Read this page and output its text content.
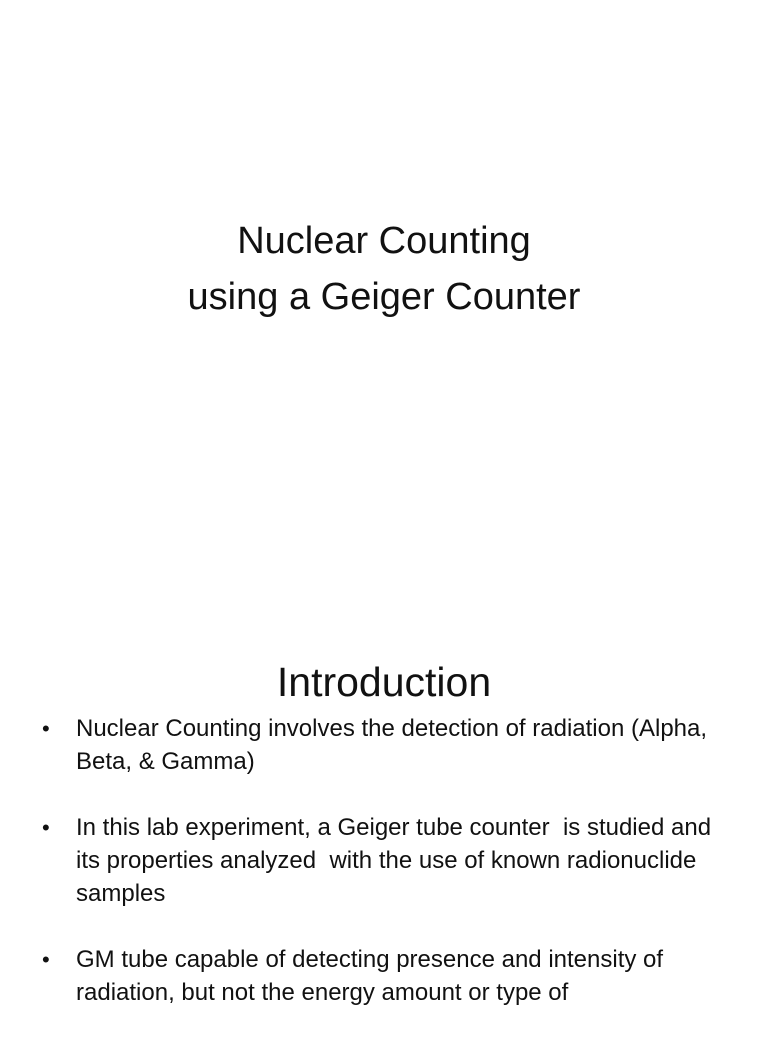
Nuclear Counting
using a Geiger Counter
Introduction
•	Nuclear Counting involves the detection of radiation (Alpha, Beta, & Gamma)
•	In this lab experiment, a Geiger tube counter  is studied and its properties analyzed  with the use of known radionuclide samples
•	GM tube capable of detecting presence and intensity of radiation, but not the energy amount or type of
